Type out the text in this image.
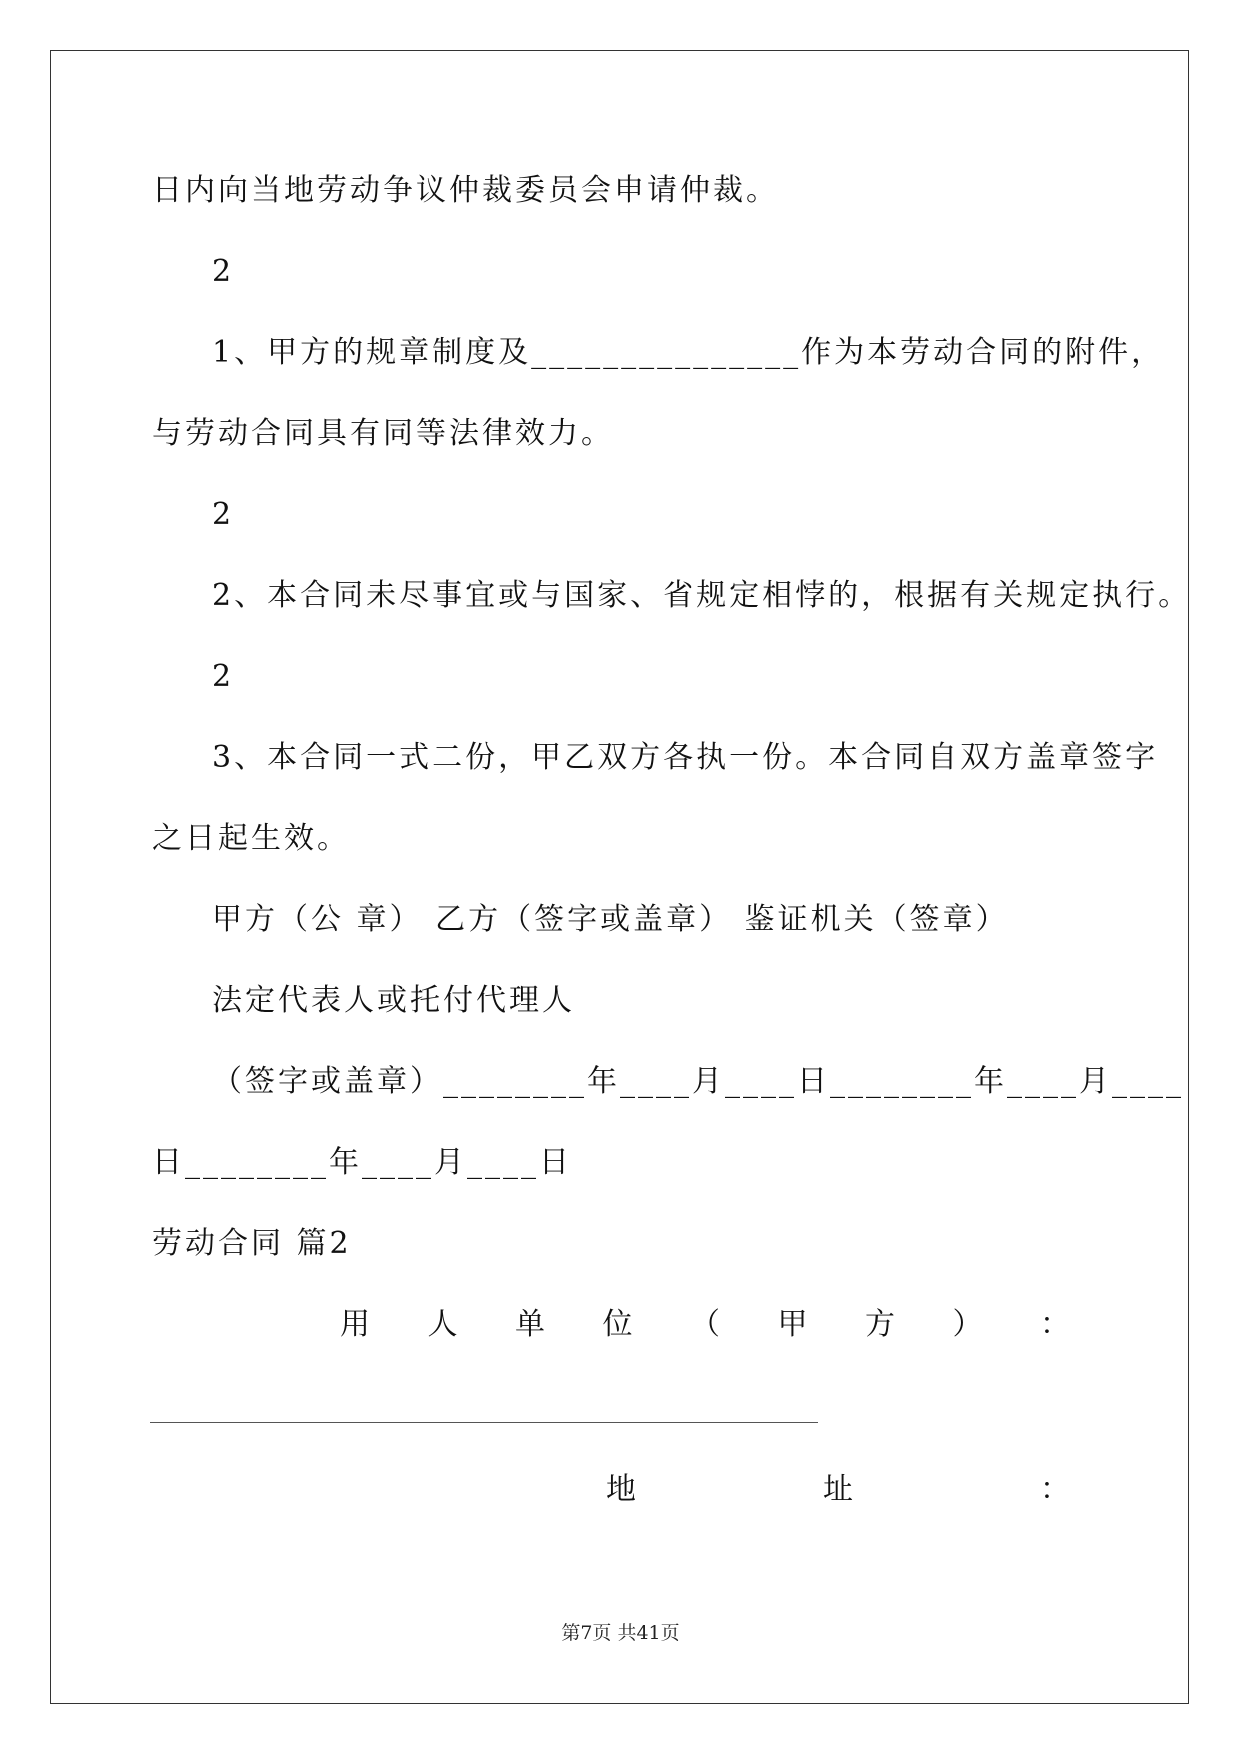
日内向当地劳动争议仲裁委员会申请仲裁。
2
1、甲方的规章制度及_______________作为本劳动合同的附件，
与劳动合同具有同等法律效力。
2
2、本合同未尽事宜或与国家、省规定相悖的，根据有关规定执行。
2
3、本合同一式二份，甲乙双方各执一份。本合同自双方盖章签字
之日起生效。
甲方（公 章） 乙方（签字或盖章） 鉴证机关（签章）
法定代表人或托付代理人
（签字或盖章）________年____月____日________年____月____
日________年____月____日
劳动合同 篇2
用 人 单 位 （ 甲 方 ） ：
地	址	：
第7页 共41页
